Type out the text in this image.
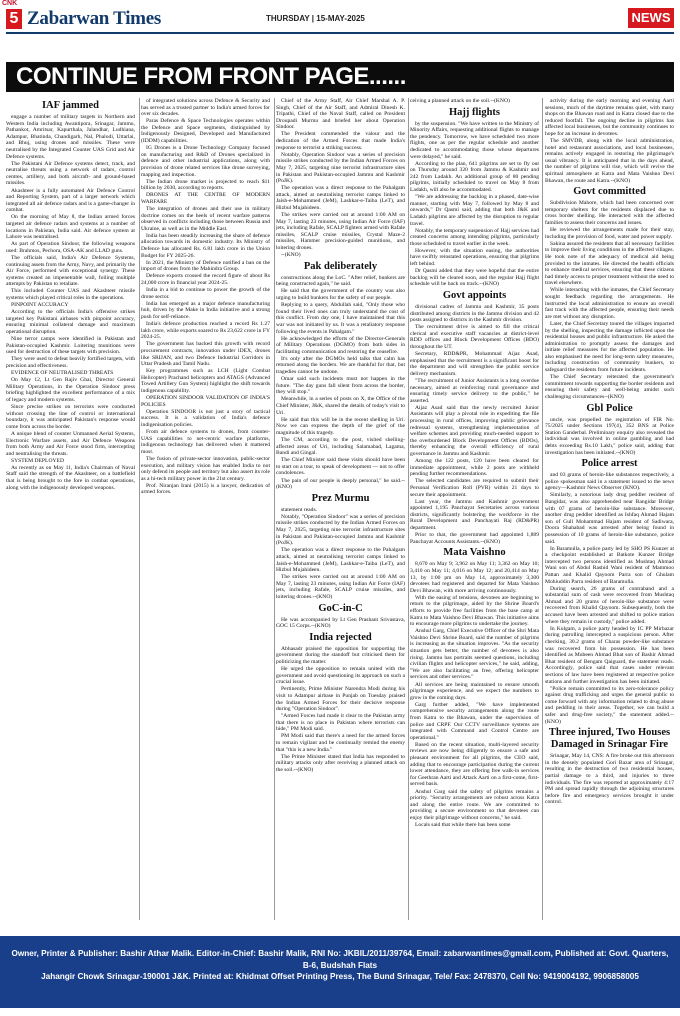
CNK
5 Zabarwan Times	THURSDAY | 15-MAY-2025	NEWS
CONTINUE FROM FRONT PAGE......
IAF jammed

engage a number of military targets in Northern and Western India including Awantipora, Srinagar, Jammu, Pathankot, Amritsar, Kapurthala, Jalandhar, Ludhiana, Adampur, Bhatinda, Chandigarh, Nal, Phalodi, Uttarlai, and Bhuj, using drones and missiles. These were neutralised by the Integrated Counter UAS Grid and Air Defence systems.

The Pakistani Air Defence systems detect, track, and neutralise threats using a network of radars, control centres, artillery, and both aircraft- and ground-based missiles.

Akashteer is a fully automated Air Defence Control and Reporting System, part of a larger network which integrated all air defence radars and is a game-changer in combat.

On the morning of May 8, the Indian armed forces targeted air defence radars and systems at a number of locations in Pakistan, India said. Air defence system at Lahore was neutralised.

As part of Operation Sindoor, the following weapons used: Brahmos, Pechora, OSA-AK and LLAD guns.

The officials said, India's Air Defence Systems, continuing assets from the Army, Navy, and primarily the Air Force, performed with exceptional synergy. These systems created an impenetrable wall, foiling multiple attempts by Pakistan to retaliate.

This included Counter UAS and Akashteer missile systems which played critical roles in the operations.

PINPOINT ACCURACY

According to the officials India's offensive strikes targeted key Pakistani airbases with pinpoint accuracy, ensuring minimal collateral damage and maximum operational disruption.

Nine terror camps were identified in Pakistan and Pakistan-occupied Kashmir. Loitering munitions were used for destruction of these targets with precision.

They were used to defeat heavily fortified targets, with precision and effectiveness.

EVIDENCE OF NEUTRALISED THREATS

On May 12, Lt Gen Rajiv Ghai, Director General Military Operations, in the Operation Sindoor press briefing highlighted the excellent performance of a mix of legacy and modern systems.

Since precise strikes on terrorists were conducted without crossing the line of control or international boundary, it was anticipated Pakistan's response would come from across the border.

A unique blend of counter Unmanned Aerial Systems, Electronic Warfare assets, and Air Defence Weapons from both Army and Air Force stood firm, intercepting and neutralising the threats.

SYSTEM DEPLOYED

As recently as on May 11, India's Chairman of Naval Staff said the strength of the Akashteer, on a battlefield that is being brought to the fore in combat operations, along with the indigenously developed weapons.

of integrated solutions across Defence & Security and has served as a trusted partner to India's armed forces for over six decades.

Paras Defence & Space Technologies operates within the Defence and Space segments, distinguished by Indigenously Designed, Developed and Manufactured (IDDM) capabilities.

IG Drones is a Drone Technology Company focused on manufacturing and R&D of Drones specialized in defence and other industrial applications, along with provision of drone related services like drone surveying, mapping and inspection.

The Indian drone market is projected to reach $11 billion by 2030, according to reports.

DRONES AT THE CENTRE OF MODERN WARFARE

The integration of drones and their use in military doctrine comes on the heels of recent warfare patterns observed in conflicts including those between Russia and Ukraine, as well as in the Middle East.

India has been steadily increasing the share of defence allocation towards its domestic industry. Its Ministry of Defence has allocated Rs. 6.81 lakh crore in the Union Budget for FY 2025-26.

In 2021, the Ministry of Defence notified a ban on the import of drones from the Mahindra Group.

Defence exports crossed the record figure of about Rs 24,000 crore in financial year 2024-25.

India in a bid to continue to power the growth of the drone sector.

India has emerged as a major defence manufacturing hub, driven by the Make in India initiative and a strong push for self-reliance.

India's defence production reached a record Rs 1.27 lakh crore, while exports soared to Rs 23,622 crore in FY 2024-25.

The government has backed this growth with record procurement contracts, innovation under iDEX, drones like SRIJAN, and two Defence Industrial Corridors in Uttar Pradesh and Tamil Nadu.

Key programmes such as LCH (Light Combat Helicopter) Prachand helicopters and ATAGS (Advanced Towed Artillery Gun System) highlight the shift towards indigenous capability.

OPERATION SINDOOR VALIDATION OF INDIA'S POLICIES

Operation SINDOOR is not just a story of tactical success. It is a validation of India's defence indigenisation policies.

From air defence systems to drones, from counter-UAS capabilities to net-centric warfare platforms, indigenous technology has delivered when it mattered most.

The fusion of private-sector innovation, public-sector execution, and military vision has enabled India to not only defend its people and territory but also assert its role as a hi-tech military power in the 21st century.

Prof. Niranjan Irani (2015) is a lawyer, dedication of armed forces.

Chief of the Army Staff, Air Chief Marshal A. P. Singh, Chief of the Air Staff, and Admiral Dinesh K. Tripathi, Chief of the Naval Staff, called on President Droupadi Murmu and briefed her about Operation Sindoor.

The President commended the valour and the dedication of the Armed Forces that made India's response to terrorist a striking success.

Notably, Operation Sindoor was a series of precision missile strikes conducted by the Indian Armed Forces on May 7, 2025, targeting nine terrorist infrastructure sites in Pakistan and Pakistan-occupied Jammu and Kashmir (PoJK).

The operation was a direct response to the Pahalgam attack, aimed at neutralising terrorist camps linked to Jaish-e-Mohammed (JeM), Lashkar-e-Taiba (LeT), and Hizbul Mujahideen.

The strikes were carried out at around 1:00 AM on May 7, lasting 23 minutes, using Indian Air Force (IAF) jets, including Rafale, SCALP fighters armed with Rafale missiles, SCALP cruise missiles, Crystal Maze-2 missiles, Hammer precision-guided munitions, and loitering drones.

--(KNO)

Pak deliberately

constructions along the LoC. "After relief, bunkers are being constructed again," he said.

He said that the government of the country was also urging to build bunkers for the safety of our people.

Replying to a query, Abdullah said, "Only those who found their lived ones can truly understand the cost of this conflict. From day one, I have maintained that this war was not initiated by us. It was a retaliatory response following the events in Pahalgam."

He acknowledged the efforts of the Director-Generals of Military Operations (DGMO) from both sides in facilitating communication and restoring the ceasefire.

It's only after the DGMOs held talks that calm has returned along the borders. We are thankful for that, but tragedies cannot be undone.

Omar said such incidents must not happen in the future. "The day guns fall silent from across the border, they will stop."

Meanwhile, in a series of posts on X, the Office of the Chief Minister, J&K, shared the details of today's visit to Uri.

He said that this will be in the recent shelling in Uri. Now we can express the depth of the grief of the magnitude of this tragedy.

The CM, according to the post, visited shelling-affected areas of Uri, including Salamabad, Lagama, Bandi and Gingal.

The Chief Minister said these visits should have been to start on a tour, to speak of development — not to offer condolences.

The pain of our people is deeply personal," he said.--(KNO)

Prez Murmu

statement reads.

Notably, "Operation Sindoor" was a series of precision missile strikes conducted by the Indian Armed Forces on May 7, 2025, targeting nine terrorist infrastructure sites in Pakistan and Pakistan-occupied Jammu and Kashmir (PoJK).

The operation was a direct response to the Pahalgam attack, aimed at neutralising terrorist camps linked to Jaish-e-Mohammed (JeM), Lashkar-e-Taiba (LeT), and Hizbul Mujahideen.

The strikes were carried out at around 1:00 AM on May 7, lasting 23 minutes, using Indian Air Force (IAF) jets, including Rafale, SCALP cruise missiles, and loitering drones.--(KNO)

GoC-in-C

He was accompanied by Lt Gen Prashant Srivastava, GOC 15 Corps.--(KNO)

India rejected

Abhasadr praised the opposition for supporting the government during the standoff but criticised them for politicizing the matter.

He urged the opposition to remain united with the government and avoid questioning its approach on such a crucial issue.

Pertinently, Prime Minister Narendra Modi during his visit to Adampur airbase in Punjab on Tuesday praised the Indian Armed Forces for their decisive response during "Operation Sindoor".

"Armed Forces had made it clear to the Pakistan army that there is no place in Pakistan where terrorists can hide," PM Modi said.

PM Modi said that there's a need for the armed forces to remain vigilant and be continually remind the enemy that "this is a new India."

The Prime Minister stated that India has responded to military attacks only after receiving a planned attack on the soil.--(KNO)

ceiving a planned attack on the soil.--(KNO)

Hajj flights

by the suspension. "We have written to the Ministry of Minority Affairs, requesting additional flights to manage the pendency. Tomorrow, we have scheduled two more flights, one as per the regular schedule and another dedicated to accommodating those whose departures were delayed," he said.

According to the plan, 641 pilgrims are set to fly out on Thursday around 320 from Jammu & Kashmir and 242 from Ladakh. An additional group of 80 pending pilgrims, initially scheduled to travel on May 8 from Ladakh, will also be accommodated.

"We are addressing the backlog in a phased, date-wise manner, starting with May 7, followed by May 8 and onwards," Dr Qasmi said, adding that both J&K and Ladakh pilgrims are affected by the disruption to regular travel.

Notably, the temporary suspension of Hajj services had created concerns among intending pilgrims, particularly those scheduled to travel earlier in the week.

However, with the situation easing, the authorities have swiftly reinstated operations, ensuring that pilgrims left behind.

Dr Qasmi added that they were hopeful that the entire backlog will be cleared soon, and the regular Hajj flight schedule will be back on track.--(KNO)

Govt appoints

divisional cadres of Jammu and Kashmir, 35 posts distributed among districts in the Jammu division and 42 posts assigned to districts in the Kashmir division.

The recruitment drive is aimed to fill the critical clerical and executive staff vacancies at district-level RDD offices and Block Development Offices (BDO) throughout the UT.

Secretary, RDD&PR, Mohammad Aijaz Asad, emphasised that the recruitment is a significant boost for the department and will strengthen the public service delivery mechanism.

"The recruitment of Junior Assistants is a long overdue necessary, aimed at reinforcing rural governance and ensuring timely service delivery to the public," he asserted.

Aijaz Asad said that the newly recruited Junior Assistants will play a pivotal role in expediting the file processing in rural offices, improving public grievance redressal systems, strengthening implementation of welfare schemes and providing much-needed support to the overburdened Block Development Offices (BDOs), thereby enhancing the overall efficiency of rural governance in Jammu and Kashmir.

Among the 122 posts, 120 have been cleared for immediate appointment, while 2 posts are withheld pending further recommendations.

The selected candidates are required to submit their Personal Verification Roll (PVR) within 21 days to secure their appointment.

Last year, the Jammu and Kashmir government appointed 1,195 Panchayat Secretaries across various districts, significantly bolstering the workforce in the Rural Development and Panchayati Raj (RD&PR) department.

Prior to that, the government had appointed 1,889 Panchayat Accounts Assistants.--(KNO)

Mata Vaishno

8,670 on May 9; 3,962 on May 11; 3,362 on May 10; 3,410 on May 11; 4,016 on May 12; and 20,414 on May 13, by 1:00 pm on May 14, approximately 3,300 devotees had registered and departed for Mata Vaishno Devi Bhawan, with more arriving continuously.

With the easing of tensions, devotees are beginning to return to the pilgrimage, aided by the Shrine Board's efforts to provide free facilities from the base camp at Katra to Mata Vaishno Devi Bhawan. This initiative aims to encourage more pilgrims to undertake the journey.

Anshul Garg, Chief Executive Officer of the Shri Mata Vaishno Devi Shrine Board, said the number of pilgrims is increasing as the situation improves. "As the security situation gets better, the number of devotees is also rising. Jammu has portraits seemed questions, including civilian flights and helicopter services," he said, adding, "We are also facilitating an free, offering helicopter services and other services."

All services are being maintained to ensure smooth pilgrimage experience, and we expect the numbers to grow in the coming days.

Garg further added, "We have implemented comprehensive security arrangements along the route from Katra to the Bhawan, under the supervision of police and CRPF. Our CCTV surveillance systems are integrated with Command and Control Centre are operational."

Based on the recent situation, multi-layered security reviews are now being diligently to ensure a safe and pleasant environment for all pilgrims, the CEO said, adding that to encourage participation during the current lower attendance, they are offering free walk-in services for Geethran Aarti and Attack Aarti on a first-come, first-served basis.

Anshul Garg said the safety of pilgrims remains a priority. "Security arrangements are robust across Katra and along the entire route. We are committed to providing a secure environment so that devotees can enjoy their pilgrimage without concerns," he said.

Locals said that while there has been some

activity during the early morning and evening Aarti sessions, much of the daytime remains quiet, with many shops on the Bhawan road and in Katra closed due to the reduced footfall. The ongoing decline in pilgrims has affected local businesses, but the community continues to hope for an increase in devotees.

The SMVDB, along with the local administration, hotel and restaurant associations, and local businesses, remains actively engaged in restoring the pilgrimage's usual vibrancy. It is anticipated that in the days ahead, the number of pilgrims will rise, which will revive the spiritual atmosphere at Katra and Mata Vaishno Devi Bhawan, the route and Katra.--(KNO)

Govt committed

Subdivision Mahore, which had been concerned over temporary shelters for the residents displaced due to cross border shelling. He interacted with the affected families to assess their concerns and issues.

He reviewed the arrangements made for their stay, including the provision of food, water and power supply.

Sakina assured the residents that all necessary facilities to improve their living conditions in the affected villages. He took note of the adequacy of medical aid being provided to the inmates. He directed the health officials to enhance medical services, ensuring that these citizens had timely access to proper treatment without the need to travel elsewhere.

While interacting with the inmates, the Chief Secretary sought feedback regarding the arrangements. He instructed the local administration to ensure an overall fast track with the affected people, ensuring their needs are met without any disruption.

Later, the Chief Secretary toured the villages impacted by the shelling, inspecting the damage inflicted upon the residential houses and public infrastructure. He asked the administration to promptly assess the damages and initiate relief measures for the affected population. He also emphasised the need for long-term safety measures, including construction of community bunkers, to safeguard the residents from future incidents.

The Chief Secretary reiterated the government's commitment towards supporting the border residents and ensuring their safety and well-being amidst such challenging circumstances--(KNO)

Gbl Police

uncle, was propelled the registration of FIR No. 75/2025 under Sections 197(4), 352 BNS at Police Station Ganderbal. Preliminary enquiry also revealed the individual was involved in online gambling and had debts exceeding Rs.10 Lakh," police said, adding that investigation has been initiated.--(KNO)

Police arrest

and 03 grams of heroin-like substances respectively, a police spokesman said in a statement issued to the news agency—Kashmir News Observer (KNO).

Similarly, a notorious lady drug peddler resident of Bangidar, was also apprehended near Bangidar Bridge with 07 grams of heroin-like substance. Moreover, another drug peddler identified as Ishfaq Ahmad Hajam son of Gull Mohammad Hajam resident of Sadiwara, Doora Shahabad was arrested after being found in possession of 10 grams of heroin-like substance, police said.

In Baramulla, a police party led by SHO PS Kunzer at a checkpoint established at Batkote Kunzer Bridge intercepted two persons identified as Mushtaq Ahmad Wani son of Abdul Rashid Wani resident of Mammoo Pattan and Khalid Qayoom Parra son of Ghulam Mohiuddin Parra resident of Baramulla.

During search, 26 grams of contraband and a substantial sum of cash were recovered from Mushtaq Ahmad and 20 grams of heroin-like substance were recovered from Khalid Qayoom. Subsequently, both the accused have been arrested and shifted to police station where they remain in custody," police added.

In Kulgam, a police party headed by IC PP Mirbazar during patrolling intercepted a suspicious person. After checking, 30.2 grams of Charas powder-like substance was recovered from his possession. He has been identified as Mubeen Ahmad Bhat son of Bashir Ahmad Bhat resident of Bengam Qaiguard, the statement reads. Accordingly, police said that cases under relevant sections of law have been registered at respective police stations and further investigation has been initiated.

"Police remain committed to its zero-tolerance policy against drug trafficking and urges the general public to come forward with any information related to drug abuse and peddling in their areas. Together, we can build a safer and drug-free society," the statement added.--(KNO)

Three injured, Two Houses Damaged in Srinagar Fire

Srinagar, May 14, CNS: A fire broke out this afternoon in the densely populated Gori Bazar area of Srinagar, resulting in the destruction of two residential houses, partial damage to a third, and injuries to three individuals. The fire was reported at approximately 4:17 PM and spread rapidly through the adjoining structures before fire and emergency services brought it under control.

Owner, Printer & Publisher: Bashir Athar Malik. Editor-in-Chief: Bashir Malik, RNI No: JKBIL/2011/39764, Email: zabarwantimes@gmail.com, Published at: Govt. Quarters, B-6, Budshah Flats
Jahangir Chowk Srinagar-190001 J&K. Printed at: Khidmat Offset Printing Press, The Bund Srinagar, Tele/ Fax: 2478370, Cell No: 9419004192, 9906858005
